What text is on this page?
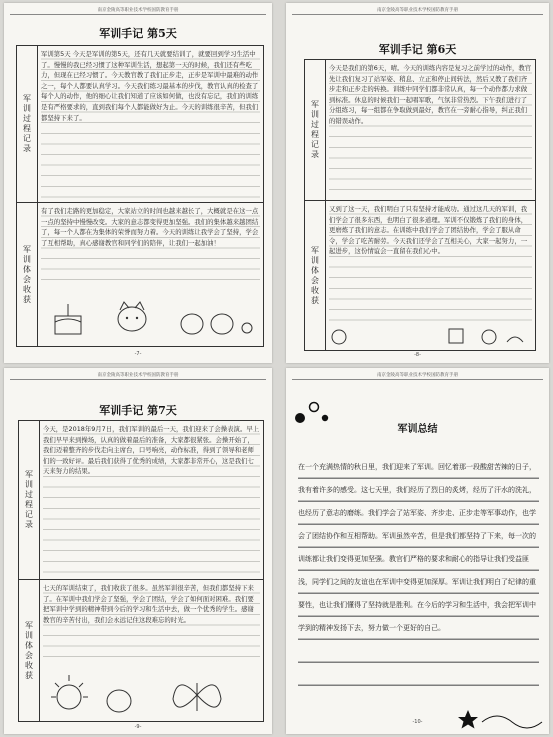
南京金陵高等职业技术学校国防教育手册
军训手记 第5天
军训过程记录
军训体会收获
军训第5天 今天是军训的第5天，还有几天就要结训了，就要回到学习生活中了。慢慢的我已经习惯了这种军训生活，想起第一天的时候，我们还有些吃力，但现在已经习惯了。今天教官教了我们正步走，正步是军训中最难的动作之一，每个人都要认真学习。今天我们练习最基本的步伐，教官认真的检查了每个人的动作，他的细心让我们知道了应该如何做，也没有忘记，我们的训练是有严格要求的，直到我们每个人都能做好为止。今天的训练很辛苦，但我们都坚持下来了。
有了我们走路的更加稳定，大家站立的时间也越来越长了，大概就是在这一点一点的坚持中慢慢改变。大家的意志都变得更加坚强。我们的集体越来越团结了，每一个人都在为集体的荣誉而努力着。今天的训练让我学会了坚持，学会了互相帮助，真心感谢教官和同学们的陪伴，让我们一起加油！
-7-
南京金陵高等职业技术学校国防教育手册
军训手记 第6天
军训过程记录
军训体会收获
今天是我们的第6天，晴。今天的训练内容是复习之前学过的动作，教官先让我们复习了站军姿、稍息、立正和停止间转法，然后又教了我们齐步走和正步走的转换。训练中同学们都非常认真，每一个动作都力求做到标准。休息的时候我们一起唱军歌，气氛非常热烈。下午我们进行了分组练习，每一组都在争取做到最好，教官在一旁耐心指导，纠正我们的错误动作。
又到了这一天，我们明白了只有坚持才能成功。通过这几天的军训，我们学会了很多东西，也明白了很多道理。军训不仅锻炼了我们的身体，更磨炼了我们的意志。在训练中我们学会了团结协作，学会了服从命令，学会了吃苦耐劳。今天我们还学会了互相关心，大家一起努力，一起进步，这份情谊会一直留在我们心中。
-8-
南京金陵高等职业技术学校国防教育手册
军训手记 第7天
军训过程记录
军训体会收获
今天，是2018年9月7日，我们军训的最后一天，我们迎来了会操表演。早上我们早早来到操场，认真的做着最后的准备，大家都很紧张。会操开始了，我们迈着整齐的步伐走向主席台，口号响亮，动作标准，得到了领导和老师们的一致好评。最后我们获得了优秀的成绩，大家都非常开心，这是我们七天来努力的结果。
七天的军训结束了，我们收获了很多。虽然军训很辛苦，但我们都坚持下来了。在军训中我们学会了坚强，学会了团结，学会了如何面对困难。我们要把军训中学到的精神带到今后的学习和生活中去，做一个优秀的学生。感谢教官的辛苦付出，我们会永远记住这段难忘的时光。
-9-
南京金陵高等职业技术学校国防教育手册
军训总结
在一个充满热情的秋日里，我们迎来了军训。回忆着那一段酸甜苦辣的日子，我有着许多的感受。这七天里，我们经历了烈日的炙烤，经历了汗水的洗礼，也经历了意志的磨练。我们学会了站军姿、齐步走、正步走等军事动作，也学会了团结协作和互相帮助。军训虽然辛苦，但是我们都坚持了下来，每一次的训练都让我们变得更加坚强。教官们严格的要求和耐心的指导让我们受益匪浅，同学们之间的友谊也在军训中变得更加深厚。军训让我们明白了纪律的重要性，也让我们懂得了坚持就是胜利。在今后的学习和生活中，我会把军训中学到的精神发扬下去，努力做一个更好的自己。
-10-
